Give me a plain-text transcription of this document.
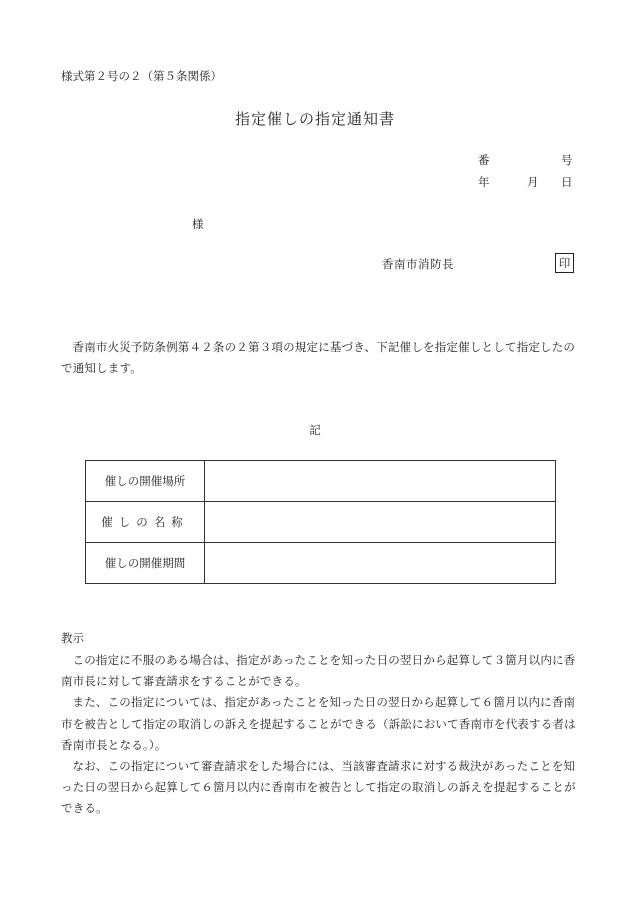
様式第２号の２（第５条関係）
指定催しの指定通知書
番	号
年	月 日
様
香南市消防長	印
香南市火災予防条例第４２条の２第３項の規定に基づき、下記催しを指定催しとして指定したので通知します。
記
催しの開催場所	
催しの名称	
催しの開催期間	
教示

この指定に不服のある場合は、指定があったことを知った日の翌日から起算して３箇月以内に香南市長に対して審査請求をすることができる。

また、この指定については、指定があったことを知った日の翌日から起算して６箇月以内に香南市を被告として指定の取消しの訴えを提起することができる（訴訟において香南市を代表する者は香南市長となる。）。

なお、この指定について審査請求をした場合には、当該審査請求に対する裁決があったことを知った日の翌日から起算して６箇月以内に香南市を被告として指定の取消しの訴えを提起することができる。
